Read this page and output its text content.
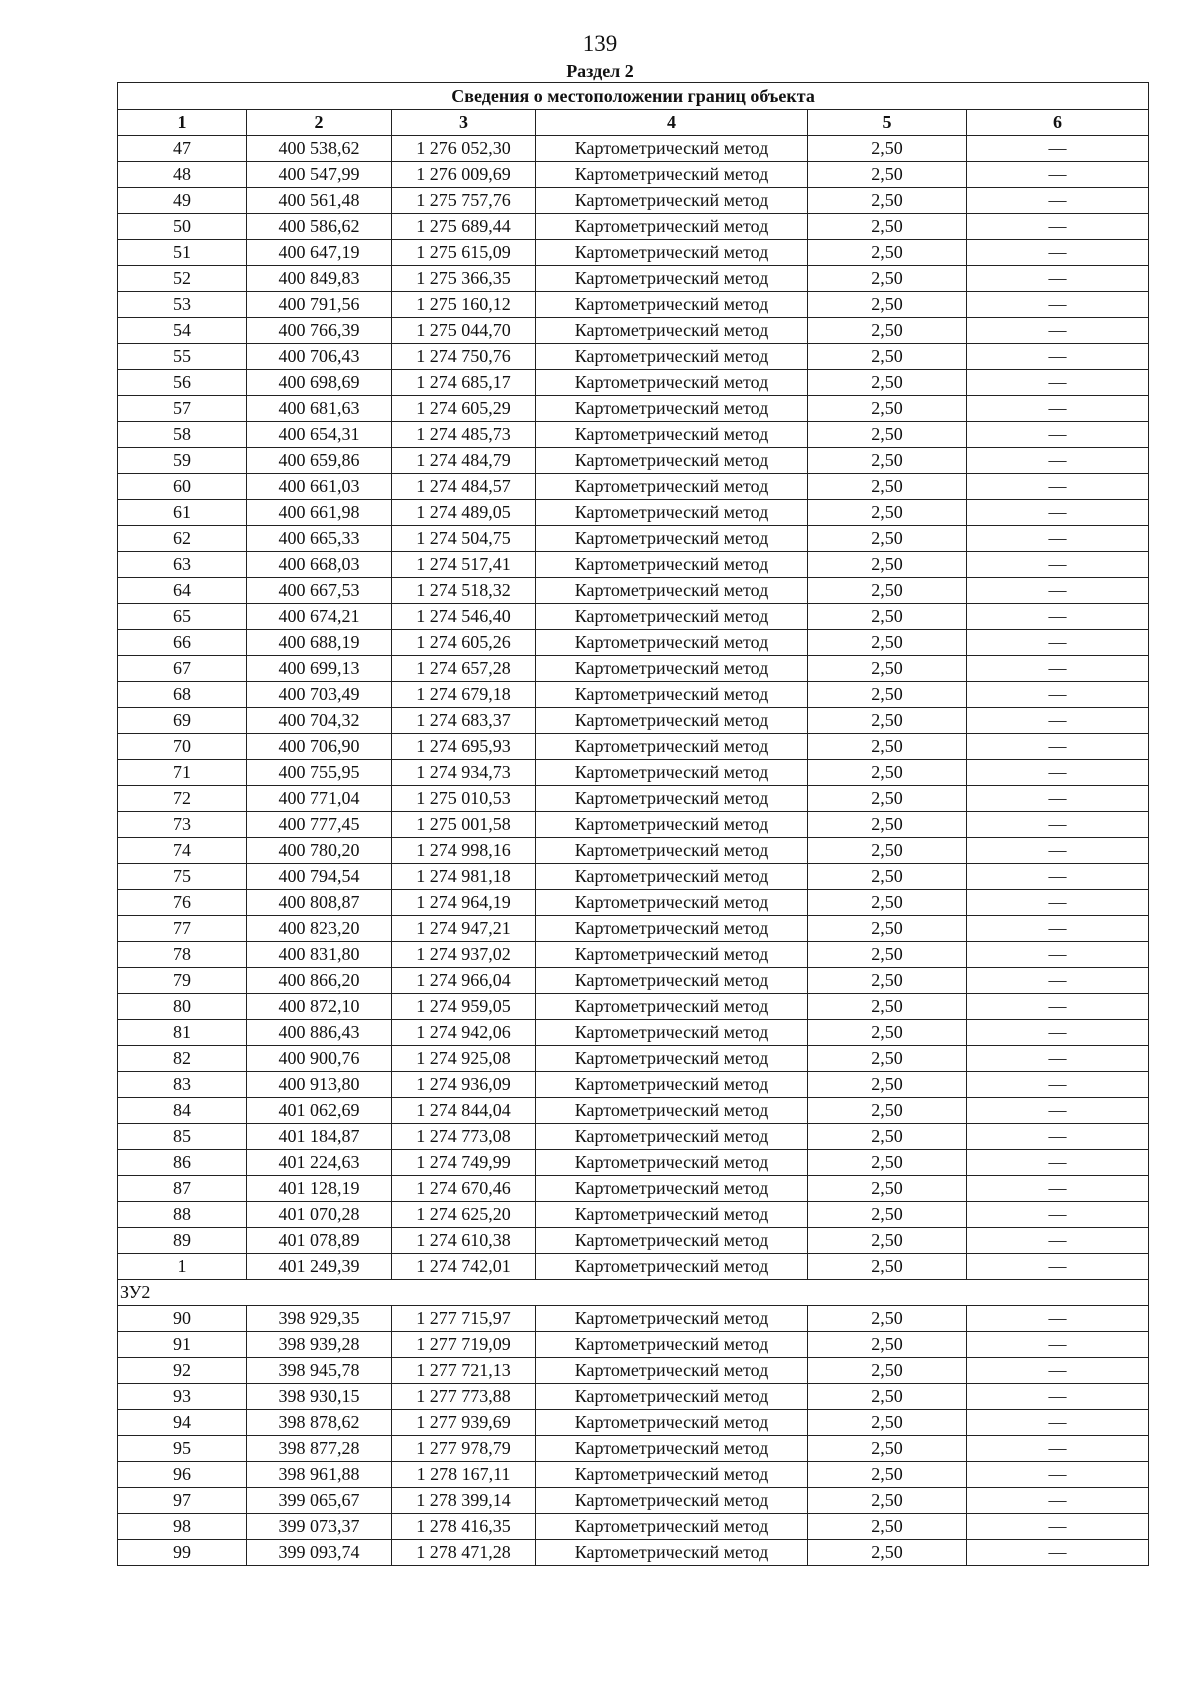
139
Раздел 2
Сведения о местоположении границ объекта					
1	2	3	4	5	6
47	400 538,62	1 276 052,30	Картометрический метод	2,50	—
48	400 547,99	1 276 009,69	Картометрический метод	2,50	—
49	400 561,48	1 275 757,76	Картометрический метод	2,50	—
50	400 586,62	1 275 689,44	Картометрический метод	2,50	—
51	400 647,19	1 275 615,09	Картометрический метод	2,50	—
52	400 849,83	1 275 366,35	Картометрический метод	2,50	—
53	400 791,56	1 275 160,12	Картометрический метод	2,50	—
54	400 766,39	1 275 044,70	Картометрический метод	2,50	—
55	400 706,43	1 274 750,76	Картометрический метод	2,50	—
56	400 698,69	1 274 685,17	Картометрический метод	2,50	—
57	400 681,63	1 274 605,29	Картометрический метод	2,50	—
58	400 654,31	1 274 485,73	Картометрический метод	2,50	—
59	400 659,86	1 274 484,79	Картометрический метод	2,50	—
60	400 661,03	1 274 484,57	Картометрический метод	2,50	—
61	400 661,98	1 274 489,05	Картометрический метод	2,50	—
62	400 665,33	1 274 504,75	Картометрический метод	2,50	—
63	400 668,03	1 274 517,41	Картометрический метод	2,50	—
64	400 667,53	1 274 518,32	Картометрический метод	2,50	—
65	400 674,21	1 274 546,40	Картометрический метод	2,50	—
66	400 688,19	1 274 605,26	Картометрический метод	2,50	—
67	400 699,13	1 274 657,28	Картометрический метод	2,50	—
68	400 703,49	1 274 679,18	Картометрический метод	2,50	—
69	400 704,32	1 274 683,37	Картометрический метод	2,50	—
70	400 706,90	1 274 695,93	Картометрический метод	2,50	—
71	400 755,95	1 274 934,73	Картометрический метод	2,50	—
72	400 771,04	1 275 010,53	Картометрический метод	2,50	—
73	400 777,45	1 275 001,58	Картометрический метод	2,50	—
74	400 780,20	1 274 998,16	Картометрический метод	2,50	—
75	400 794,54	1 274 981,18	Картометрический метод	2,50	—
76	400 808,87	1 274 964,19	Картометрический метод	2,50	—
77	400 823,20	1 274 947,21	Картометрический метод	2,50	—
78	400 831,80	1 274 937,02	Картометрический метод	2,50	—
79	400 866,20	1 274 966,04	Картометрический метод	2,50	—
80	400 872,10	1 274 959,05	Картометрический метод	2,50	—
81	400 886,43	1 274 942,06	Картометрический метод	2,50	—
82	400 900,76	1 274 925,08	Картометрический метод	2,50	—
83	400 913,80	1 274 936,09	Картометрический метод	2,50	—
84	401 062,69	1 274 844,04	Картометрический метод	2,50	—
85	401 184,87	1 274 773,08	Картометрический метод	2,50	—
86	401 224,63	1 274 749,99	Картометрический метод	2,50	—
87	401 128,19	1 274 670,46	Картометрический метод	2,50	—
88	401 070,28	1 274 625,20	Картометрический метод	2,50	—
89	401 078,89	1 274 610,38	Картометрический метод	2,50	—
1	401 249,39	1 274 742,01	Картометрический метод	2,50	—
ЗУ2					
90	398 929,35	1 277 715,97	Картометрический метод	2,50	—
91	398 939,28	1 277 719,09	Картометрический метод	2,50	—
92	398 945,78	1 277 721,13	Картометрический метод	2,50	—
93	398 930,15	1 277 773,88	Картометрический метод	2,50	—
94	398 878,62	1 277 939,69	Картометрический метод	2,50	—
95	398 877,28	1 277 978,79	Картометрический метод	2,50	—
96	398 961,88	1 278 167,11	Картометрический метод	2,50	—
97	399 065,67	1 278 399,14	Картометрический метод	2,50	—
98	399 073,37	1 278 416,35	Картометрический метод	2,50	—
99	399 093,74	1 278 471,28	Картометрический метод	2,50	—
